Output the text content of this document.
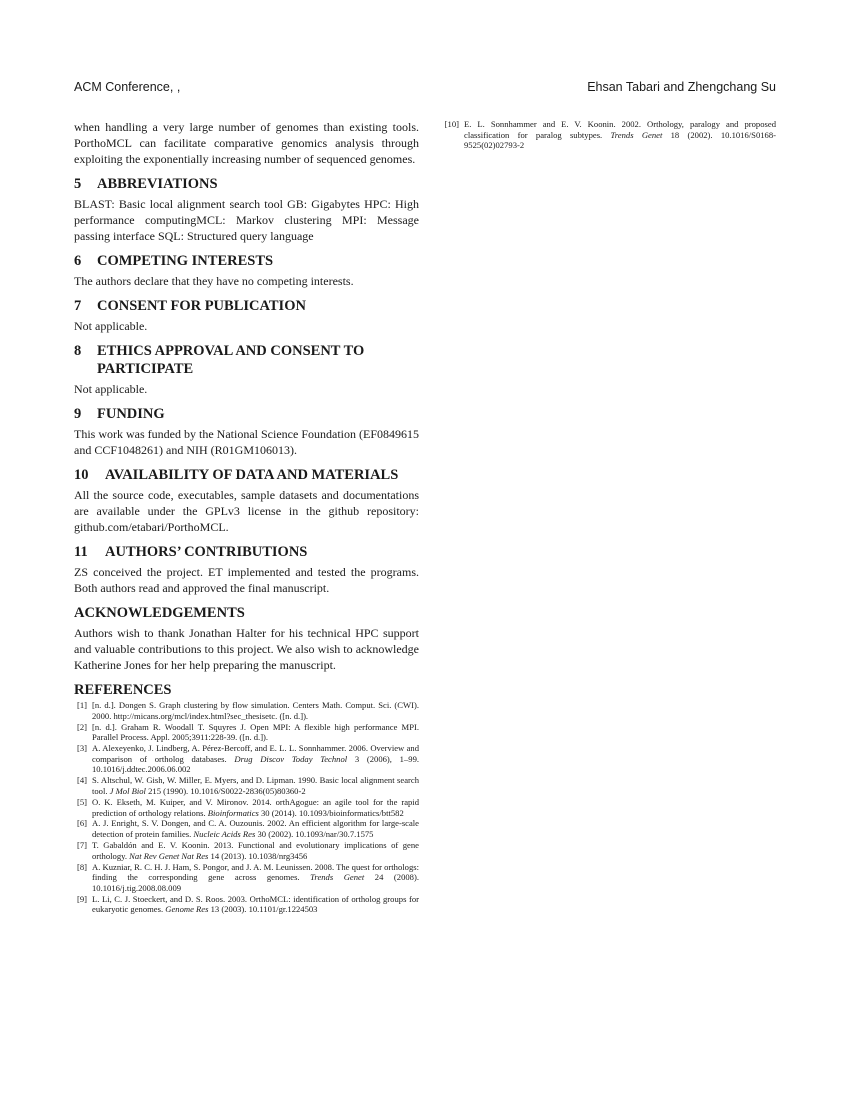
ACM Conference, ,	Ehsan Tabari and Zhengchang Su

when handling a very large number of genomes than existing tools. PorthoMCL can facilitate comparative genomics analysis through exploiting the exponentially increasing number of sequenced genomes.

5	ABBREVIATIONS

BLAST: Basic local alignment search tool GB: Gigabytes HPC: High performance computingMCL: Markov clustering MPI: Message passing interface SQL: Structured query language

6	COMPETING INTERESTS

The authors declare that they have no competing interests.

7	CONSENT FOR PUBLICATION

Not applicable.

8	ETHICS APPROVAL AND CONSENT TO PARTICIPATE

Not applicable.

9	FUNDING

This work was funded by the National Science Foundation (EF0849615 and CCF1048261) and NIH (R01GM106013).

10	AVAILABILITY OF DATA AND MATERIALS

All the source code, executables, sample datasets and documentations are available under the GPLv3 license in the github repository: github.com/etabari/PorthoMCL.

11	AUTHORS’ CONTRIBUTIONS

ZS conceived the project. ET implemented and tested the programs. Both authors read and approved the final manuscript.

ACKNOWLEDGEMENTS

Authors wish to thank Jonathan Halter for his technical HPC support and valuable contributions to this project. We also wish to acknowledge Katherine Jones for her help preparing the manuscript.

REFERENCES
[1] [n. d.]. Dongen S. Graph clustering by flow simulation. Centers Math. Comput. Sci. (CWI). 2000. http://micans.org/mcl/index.html?sec_thesisetc. ([n. d.]).
[2] [n. d.]. Graham R. Woodall T. Squyres J. Open MPI: A flexible high performance MPI. Parallel Process. Appl. 2005;3911:228-39. ([n. d.]).
[3] A. Alexeyenko, J. Lindberg, A. Pérez-Bercoff, and E. L. L. Sonnhammer. 2006. Overview and comparison of ortholog databases. Drug Discov Today Technol 3 (2006), 1–99. 10.1016/j.ddtec.2006.06.002
[4] S. Altschul, W. Gish, W. Miller, E. Myers, and D. Lipman. 1990. Basic local alignment search tool. J Mol Biol 215 (1990). 10.1016/S0022-2836(05)80360-2
[5] O. K. Ekseth, M. Kuiper, and V. Mironov. 2014. orthAgogue: an agile tool for the rapid prediction of orthology relations. Bioinformatics 30 (2014). 10.1093/bioinformatics/btt582
[6] A. J. Enright, S. V. Dongen, and C. A. Ouzounis. 2002. An efficient algorithm for large-scale detection of protein families. Nucleic Acids Res 30 (2002). 10.1093/nar/30.7.1575
[7] T. Gabaldón and E. V. Koonin. 2013. Functional and evolutionary implications of gene orthology. Nat Rev Genet Nat Res 14 (2013). 10.1038/nrg3456
[8] A. Kuzniar, R. C. H. J. Ham, S. Pongor, and J. A. M. Leunissen. 2008. The quest for orthologs: finding the corresponding gene across genomes. Trends Genet 24 (2008). 10.1016/j.tig.2008.08.009
[9] L. Li, C. J. Stoeckert, and D. S. Roos. 2003. OrthoMCL: identification of ortholog groups for eukaryotic genomes. Genome Res 13 (2003). 10.1101/gr.1224503
[10] E. L. Sonnhammer and E. V. Koonin. 2002. Orthology, paralogy and proposed classification for paralog subtypes. Trends Genet 18 (2002). 10.1016/S0168-9525(02)02793-2
